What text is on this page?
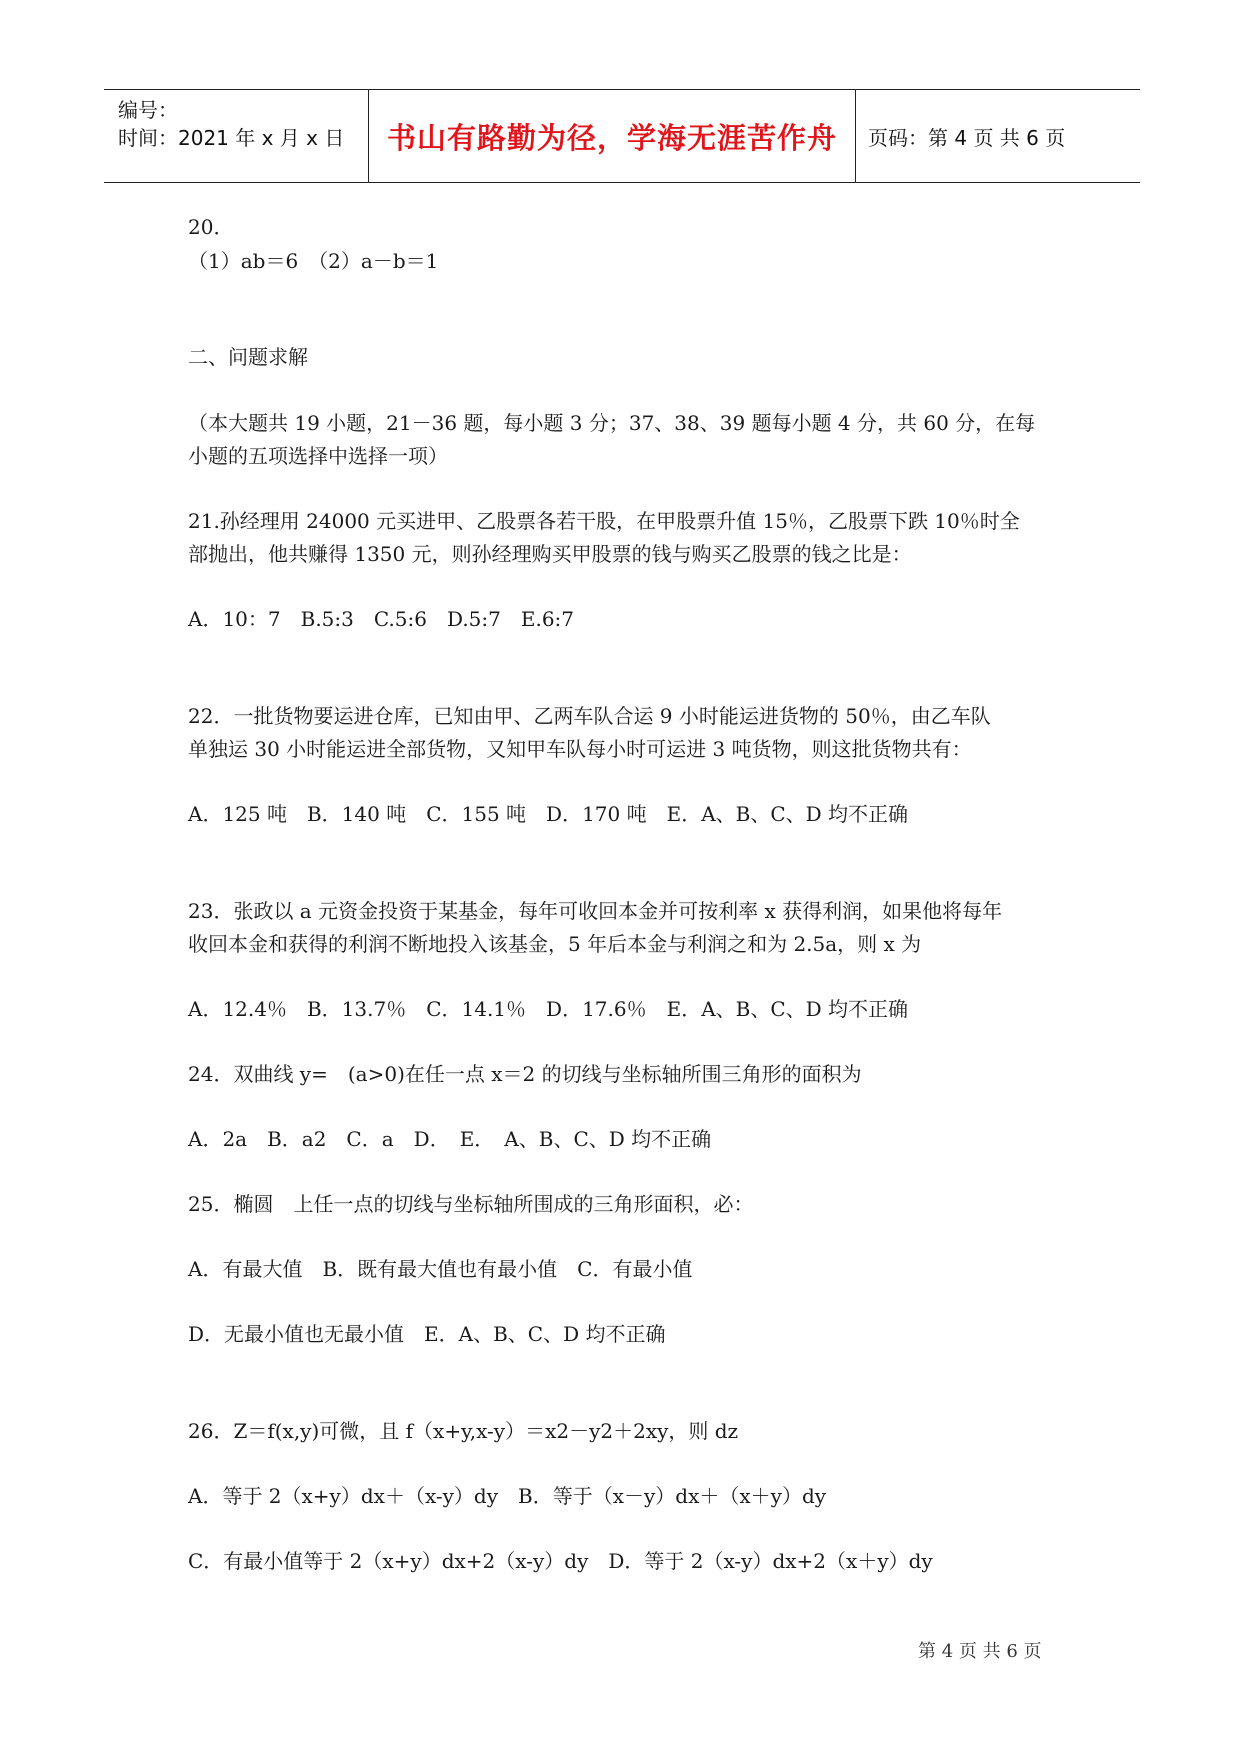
编号：
时间：2021 年 x 月 x 日 书山有路勤为径，学海无涯苦作舟 页码：第 4 页 共 6 页
20．
（1）ab＝6　（2）a－b＝1
二、问题求解
（本大题共 19 小题，21－36 题，每小题 3 分；37、38、39 题每小题 4 分，共 60 分，在每
小题的五项选择中选择一项）
21.孙经理用 24000 元买进甲、乙股票各若干股，在甲股票升值 15％，乙股票下跌 10％时全
部抛出，他共赚得 1350 元，则孙经理购买甲股票的钱与购买乙股票的钱之比是：
A．10：7　B.5:3　C.5:6　D.5:7　E.6:7
22．一批货物要运进仓库，已知由甲、乙两车队合运 9 小时能运进货物的 50％，由乙车队
单独运 30 小时能运进全部货物，又知甲车队每小时可运进 3 吨货物，则这批货物共有：
A．125 吨　B．140 吨　C．155 吨　D．170 吨　E．A、B、C、D 均不正确
23．张政以 a 元资金投资于某基金，每年可收回本金并可按利率 x 获得利润，如果他将每年
收回本金和获得的利润不断地投入该基金，5 年后本金与利润之和为 2.5a，则 x 为
A．12.4％　B．13.7％　C．14.1％　D．17.6％　E．A、B、C、D 均不正确
24．双曲线 y=　(a>0)在任一点 x＝2 的切线与坐标轴所围三角形的面积为
A．2a　B．a2　C．a　D．　E．　A、B、C、D 均不正确
25．椭圆　上任一点的切线与坐标轴所围成的三角形面积，必：
A．有最大值　B．既有最大值也有最小值　C．有最小值
D．无最小值也无最小值　E．A、B、C、D 均不正确
26．Z＝f(x,y)可微，且 f（x+y,x-y）＝x2－y2＋2xy，则 dz
A．等于 2（x+y）dx＋（x-y）dy　B．等于（x－y）dx＋（x＋y）dy
C．有最小值等于 2（x+y）dx+2（x-y）dy　D．等于 2（x-y）dx+2（x＋y）dy
第 4 页 共 6 页
